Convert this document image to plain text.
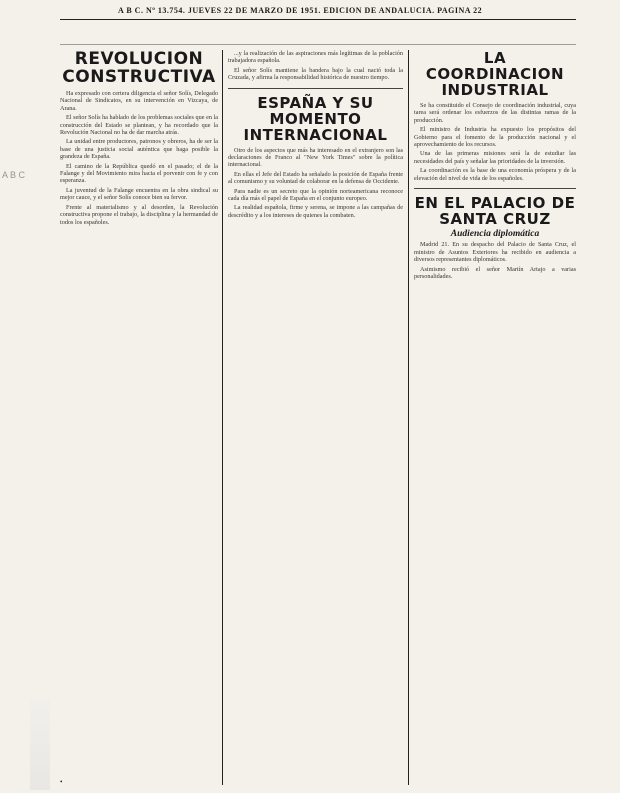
A B C. Nº 13.754. JUEVES 22 DE MARZO DE 1951. EDICION DE ANDALUCIA. PAGINA 22
A B C
REVOLUCION CONSTRUCTIVA

Ha expresado con certera diligencia el señor Solís, Delegado Nacional de Sindicatos, en su intervención en Vizcaya, de Arana.

El señor Solís ha hablado de los problemas sociales que en la construcción del Estado se plantean, y ha recordado que la Revolución Nacional no ha de dar marcha atrás.

La unidad entre productores, patronos y obreros, ha de ser la base de una justicia social auténtica que haga posible la grandeza de España.

El camino de la República quedó en el pasado; el de la Falange y del Movimiento mira hacia el porvenir con fe y con esperanza.

La juventud de la Falange encuentra en la obra sindical su mejor cauce, y el señor Solís conoce bien su fervor.

Frente al materialismo y al desorden, la Revolución constructiva propone el trabajo, la disciplina y la hermandad de todos los españoles.

...y la realización de las aspiraciones más legítimas de la población trabajadora española.

El señor Solís mantiene la bandera bajo la cual nació toda la Cruzada, y afirma la responsabilidad histórica de nuestro tiempo.

ESPAÑA Y SU MOMENTO INTERNACIONAL

Otro de los aspectos que más ha interesado en el extranjero son las declaraciones de Franco al "New York Times" sobre la política internacional.

En ellas el Jefe del Estado ha señalado la posición de España frente al comunismo y su voluntad de colaborar en la defensa de Occidente.

Para nadie es un secreto que la opinión norteamericana reconoce cada día más el papel de España en el conjunto europeo.

La realidad española, firme y serena, se impone a las campañas de descrédito y a los intereses de quienes la combaten.

LA COORDINACION INDUSTRIAL

Se ha constituido el Consejo de coordinación industrial, cuya tarea será ordenar los esfuerzos de las distintas ramas de la producción.

El ministro de Industria ha expuesto los propósitos del Gobierno para el fomento de la producción nacional y el aprovechamiento de los recursos.

Una de las primeras misiones será la de estudiar las necesidades del país y señalar las prioridades de la inversión.

La coordinación es la base de una economía próspera y de la elevación del nivel de vida de los españoles.

EN EL PALACIO DE SANTA CRUZ
Audiencia diplomática

Madrid 21. En su despacho del Palacio de Santa Cruz, el ministro de Asuntos Exteriores ha recibido en audiencia a diversos representantes diplomáticos.

Asimismo recibió el señor Martín Artajo a varias personalidades.

•
